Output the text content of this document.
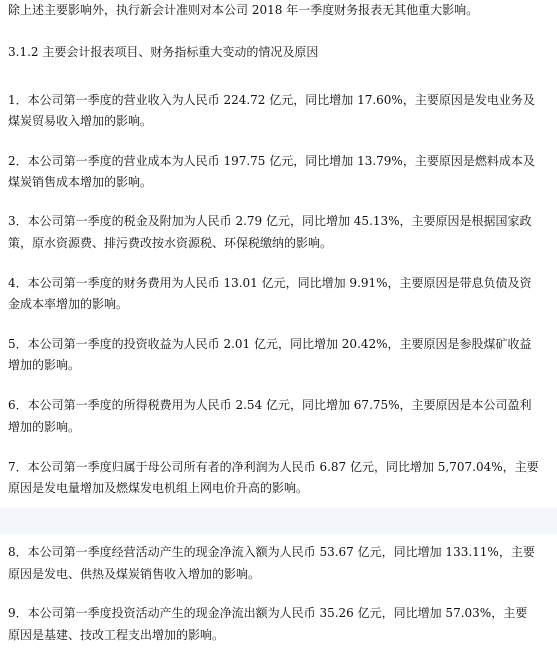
除上述主要影响外，执行新会计准则对本公司 2018 年一季度财务报表无其他重大影响。
3.1.2 主要会计报表项目、财务指标重大变动的情况及原因
1．本公司第一季度的营业收入为人民币 224.72 亿元，同比增加 17.60%，主要原因是发电业务及
煤炭贸易收入增加的影响。
2．本公司第一季度的营业成本为人民币 197.75 亿元，同比增加 13.79%，主要原因是燃料成本及
煤炭销售成本增加的影响。
3．本公司第一季度的税金及附加为人民币 2.79 亿元，同比增加 45.13%，主要原因是根据国家政
策，原水资源费、排污费改按水资源税、环保税缴纳的影响。
4．本公司第一季度的财务费用为人民币 13.01 亿元，同比增加 9.91%，主要原因是带息负债及资
金成本率增加的影响。
5．本公司第一季度的投资收益为人民币 2.01 亿元，同比增加 20.42%，主要原因是参股煤矿收益
增加的影响。
6．本公司第一季度的所得税费用为人民币 2.54 亿元，同比增加 67.75%，主要原因是本公司盈利
增加的影响。
7．本公司第一季度归属于母公司所有者的净利润为人民币 6.87 亿元，同比增加 5,707.04%，主要
原因是发电量增加及燃煤发电机组上网电价升高的影响。
8．本公司第一季度经营活动产生的现金净流入额为人民币 53.67 亿元，同比增加 133.11%，主要
原因是发电、供热及煤炭销售收入增加的影响。
9．本公司第一季度投资活动产生的现金净流出额为人民币 35.26 亿元，同比增加 57.03%，主要
原因是基建、技改工程支出增加的影响。
